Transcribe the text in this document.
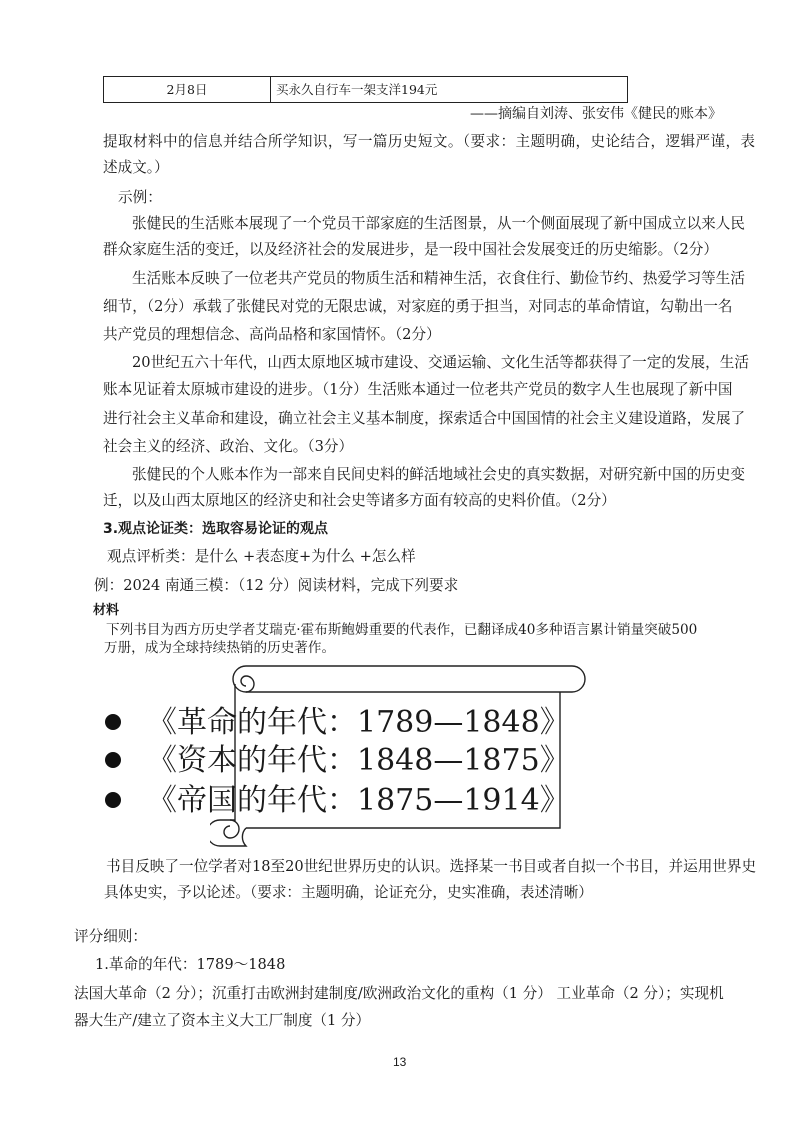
2月8日	买永久自行车一架支洋194元
——摘编自刘涛、张安伟《健民的账本》
提取材料中的信息并结合所学知识，写一篇历史短文。（要求：主题明确，史论结合，逻辑严谨，表
述成文。）
示例：
张健民的生活账本展现了一个党员干部家庭的生活图景，从一个侧面展现了新中国成立以来人民
群众家庭生活的变迁，以及经济社会的发展进步，是一段中国社会发展变迁的历史缩影。（2分）
生活账本反映了一位老共产党员的物质生活和精神生活，衣食住行、勤俭节约、热爱学习等生活
细节，（2分）承载了张健民对党的无限忠诚，对家庭的勇于担当，对同志的革命情谊，勾勒出一名
共产党员的理想信念、高尚品格和家国情怀。（2分）
20世纪五六十年代，山西太原地区城市建设、交通运输、文化生活等都获得了一定的发展，生活
账本见证着太原城市建设的进步。（1分）生活账本通过一位老共产党员的数字人生也展现了新中国
进行社会主义革命和建设，确立社会主义基本制度，探索适合中国国情的社会主义建设道路，发展了
社会主义的经济、政治、文化。（3分）
张健民的个人账本作为一部来自民间史料的鲜活地域社会史的真实数据，对研究新中国的历史变
迁，以及山西太原地区的经济史和社会史等诸多方面有较高的史料价值。（2分）
3.观点论证类：选取容易论证的观点
观点评析类：是什么 +表态度+为什么 +怎么样
例：2024 南通三模：（12 分）阅读材料，完成下列要求
材料
下列书目为西方历史学者艾瑞克·霍布斯鲍姆重要的代表作，已翻译成40多种语言累计销量突破500
万册，成为全球持续热销的历史著作。
《革命的年代：1789—1848》
《资本的年代：1848—1875》
《帝国的年代：1875—1914》
书目反映了一位学者对18至20世纪世界历史的认识。选择某一书目或者自拟一个书目，并运用世界史
具体史实，予以论述。（要求：主题明确，论证充分，史实准确，表述清晰）
评分细则：
1.革命的年代：1789～1848
法国大革命（2 分）；沉重打击欧洲封建制度/欧洲政治文化的重构（1 分） 工业革命（2 分）；实现机
器大生产/建立了资本主义大工厂制度（1 分）
13
